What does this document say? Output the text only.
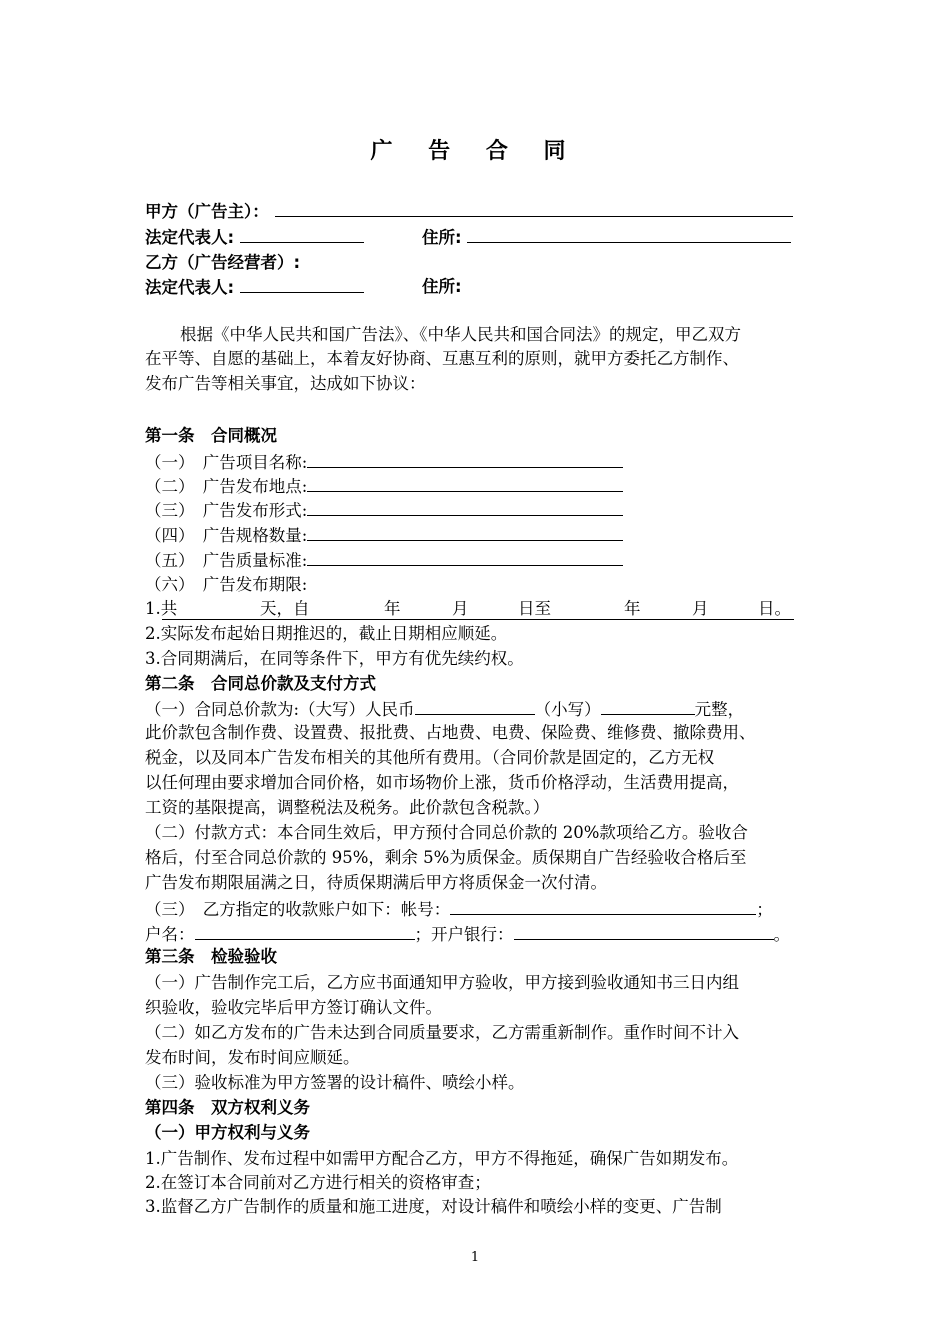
广 告 合 同
甲方（广告主）：
法定代表人:	住所:
乙方（广告经营者）:
法定代表人:	住所:
根据《中华人民共和国广告法》、《中华人民共和国合同法》的规定，甲乙双方
在平等、自愿的基础上，本着友好协商、互惠互利的原则，就甲方委托乙方制作、
发布广告等相关事宜，达成如下协议：
第一条　合同概况
（一）　广告项目名称:
（二）　广告发布地点:
（三）　广告发布形式:
（四）　广告规格数量:
（五）　广告质量标准:
（六）　广告发布期限:
1.共	天，自	年	月	日至	年	月	日。
2.实际发布起始日期推迟的，截止日期相应顺延。
3.合同期满后，在同等条件下，甲方有优先续约权。
第二条　合同总价款及支付方式
（一）合同总价款为:（大写）人民币	（小写）	元整，
此价款包含制作费、设置费、报批费、占地费、电费、保险费、维修费、撤除费用、
税金，以及同本广告发布相关的其他所有费用。（合同价款是固定的，乙方无权
以任何理由要求增加合同价格，如市场物价上涨，货币价格浮动，生活费用提高，
工资的基限提高，调整税法及税务。此价款包含税款。）
（二）付款方式：本合同生效后，甲方预付合同总价款的 20%款项给乙方。验收合
格后，付至合同总价款的 95%，剩余 5%为质保金。质保期自广告经验收合格后至
广告发布期限届满之日，待质保期满后甲方将质保金一次付清。
（三）　乙方指定的收款账户如下：帐号：	；
户名：	；开户银行：	。
第三条　检验验收
（一）广告制作完工后，乙方应书面通知甲方验收，甲方接到验收通知书三日内组
织验收，验收完毕后甲方签订确认文件。
（二）如乙方发布的广告未达到合同质量要求，乙方需重新制作。重作时间不计入
发布时间，发布时间应顺延。
（三）验收标准为甲方签署的设计稿件、喷绘小样。
第四条　双方权利义务
（一）甲方权利与义务
1.广告制作、发布过程中如需甲方配合乙方，甲方不得拖延，确保广告如期发布。
2.在签订本合同前对乙方进行相关的资格审查；
3.监督乙方广告制作的质量和施工进度，对设计稿件和喷绘小样的变更、广告制
1
